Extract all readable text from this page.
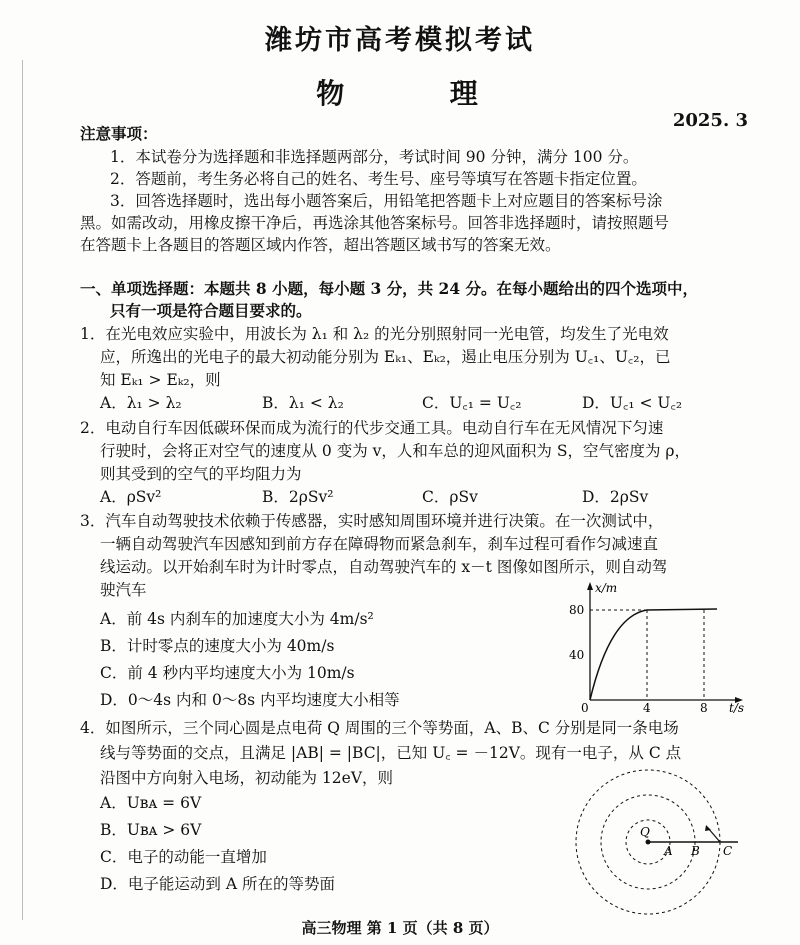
潍坊市高考模拟考试
物	理
2025. 3
注意事项：
1．本试卷分为选择题和非选择题两部分，考试时间 90 分钟，满分 100 分。
2．答题前，考生务必将自己的姓名、考生号、座号等填写在答题卡指定位置。
3．回答选择题时，选出每小题答案后，用铅笔把答题卡上对应题目的答案标号涂
黑。如需改动，用橡皮擦干净后，再选涂其他答案标号。回答非选择题时，请按照题号
在答题卡上各题目的答题区域内作答，超出答题区域书写的答案无效。
一、单项选择题：本题共 8 小题，每小题 3 分，共 24 分。在每小题给出的四个选项中，
只有一项是符合题目要求的。
1．在光电效应实验中，用波长为 λ₁ 和 λ₂ 的光分别照射同一光电管，均发生了光电效
应，所逸出的光电子的最大初动能分别为 Eₖ₁、Eₖ₂，遏止电压分别为 U꜀₁、U꜀₂，已
知 Eₖ₁ > Eₖ₂，则
A．λ₁ > λ₂	B．λ₁ < λ₂	C．U꜀₁ = U꜀₂	D．U꜀₁ < U꜀₂
2．电动自行车因低碳环保而成为流行的代步交通工具。电动自行车在无风情况下匀速
行驶时，会将正对空气的速度从 0 变为 v，人和车总的迎风面积为 S，空气密度为 ρ，
则其受到的空气的平均阻力为
A．ρSv²	B．2ρSv²	C．ρSv	D．2ρSv
3．汽车自动驾驶技术依赖于传感器，实时感知周围环境并进行决策。在一次测试中，
一辆自动驾驶汽车因感知到前方存在障碍物而紧急刹车，刹车过程可看作匀减速直
线运动。以开始刹车时为计时零点，自动驾驶汽车的 x－t 图像如图所示，则自动驾
驶汽车
A．前 4s 内刹车的加速度大小为 4m/s²
B．计时零点的速度大小为 40m/s
C．前 4 秒内平均速度大小为 10m/s
D．0～4s 内和 0～8s 内平均速度大小相等
x/m
t/s
80
40
0	4	8
4．如图所示，三个同心圆是点电荷 Q 周围的三个等势面，A、B、C 分别是同一条电场
线与等势面的交点，且满足 |AB| = |BC|，已知 U꜀ = －12V。现有一电子，从 C 点
沿图中方向射入电场，初动能为 12eV，则
A．Uʙᴀ = 6V
B．Uʙᴀ > 6V
C．电子的动能一直增加
D．电子能运动到 A 所在的等势面
Q
A B C
高三物理 第 1 页（共 8 页）
